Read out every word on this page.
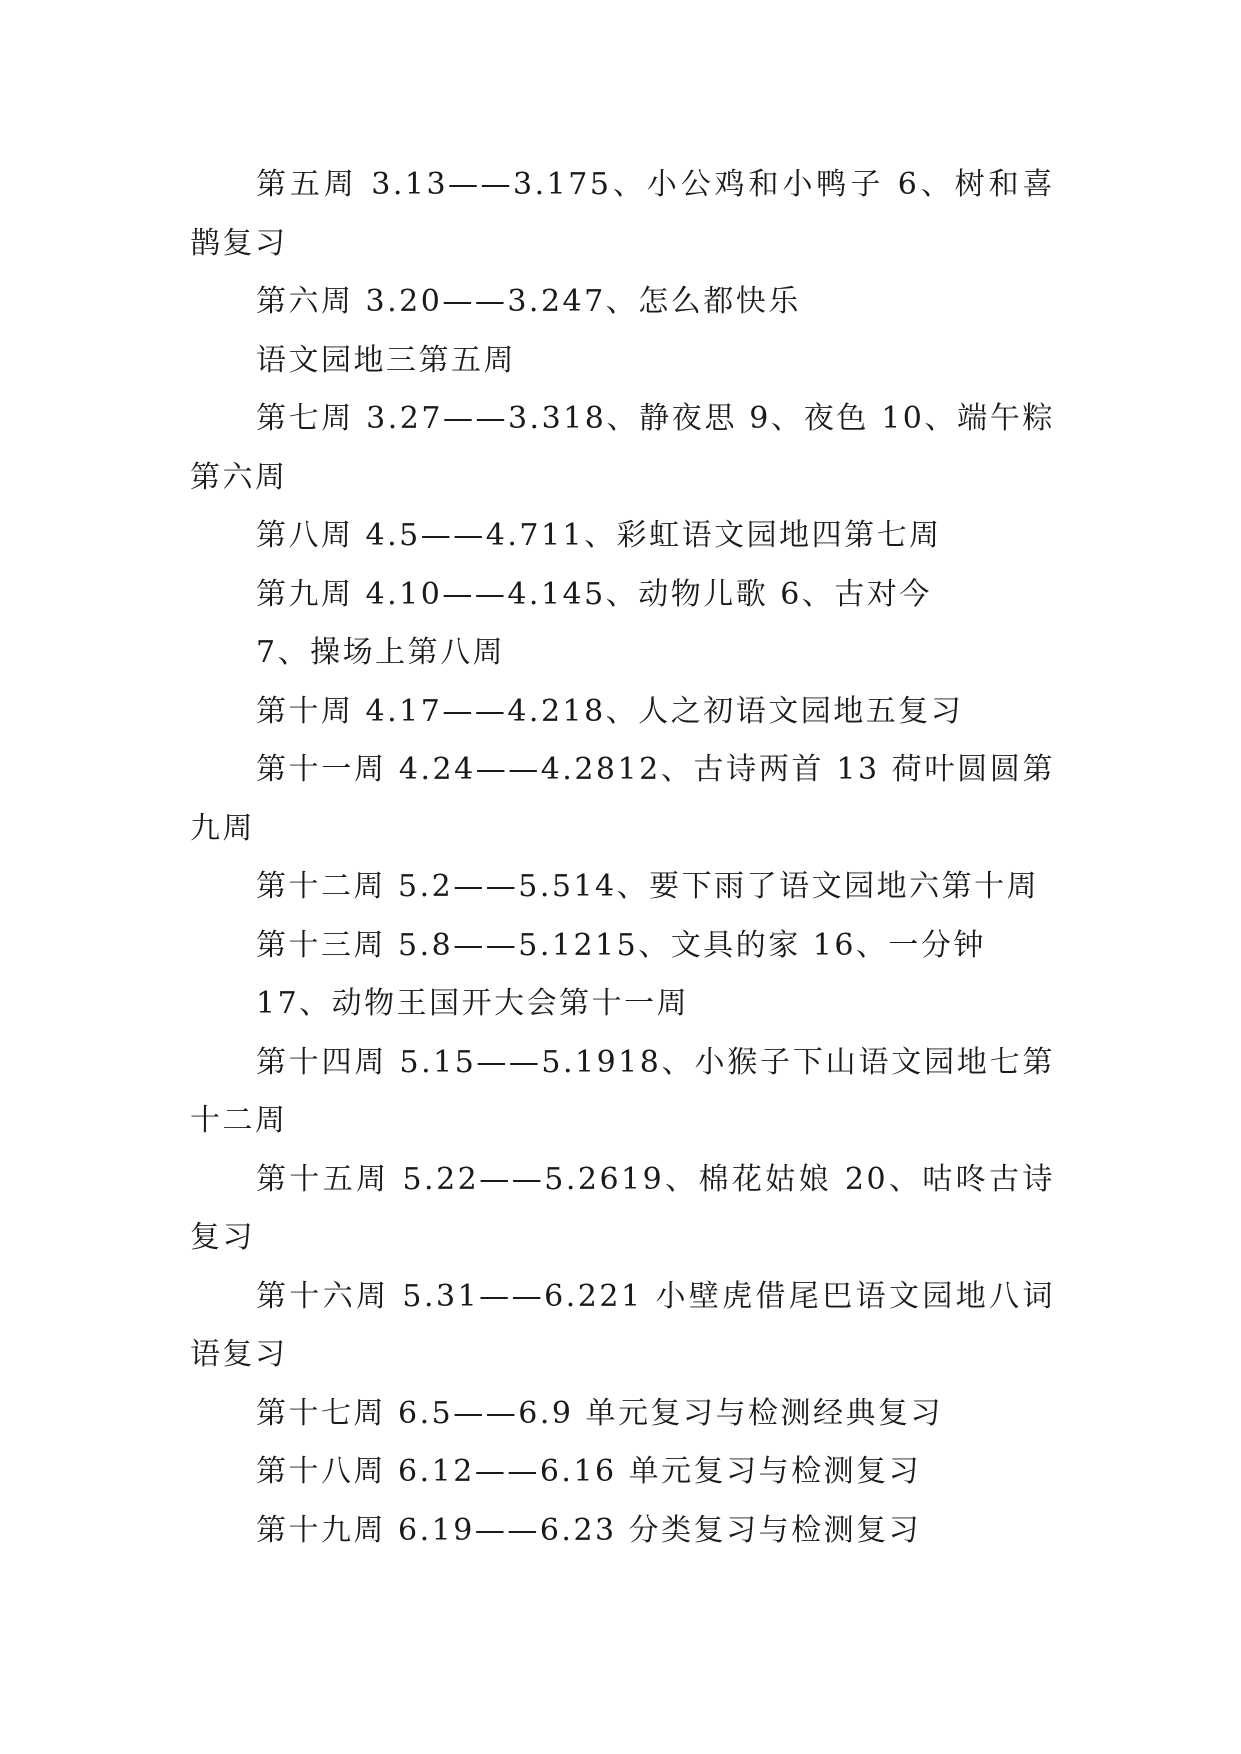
第五周 3.13——3.175、小公鸡和小鸭子 6、树和喜鹊复习

第六周 3.20——3.247、怎么都快乐

语文园地三第五周

第七周 3.27——3.318、静夜思 9、夜色 10、端午粽第六周

第八周 4.5——4.711、彩虹语文园地四第七周

第九周 4.10——4.145、动物儿歌 6、古对今

7、操场上第八周

第十周 4.17——4.218、人之初语文园地五复习

第十一周 4.24——4.2812、古诗两首 13 荷叶圆圆第九周

第十二周 5.2——5.514、要下雨了语文园地六第十周

第十三周 5.8——5.1215、文具的家 16、一分钟

17、动物王国开大会第十一周

第十四周 5.15——5.1918、小猴子下山语文园地七第十二周

第十五周 5.22——5.2619、棉花姑娘 20、咕咚古诗复习

第十六周 5.31——6.221 小壁虎借尾巴语文园地八词语复习

第十七周 6.5——6.9 单元复习与检测经典复习

第十八周 6.12——6.16 单元复习与检测复习

第十九周 6.19——6.23 分类复习与检测复习
